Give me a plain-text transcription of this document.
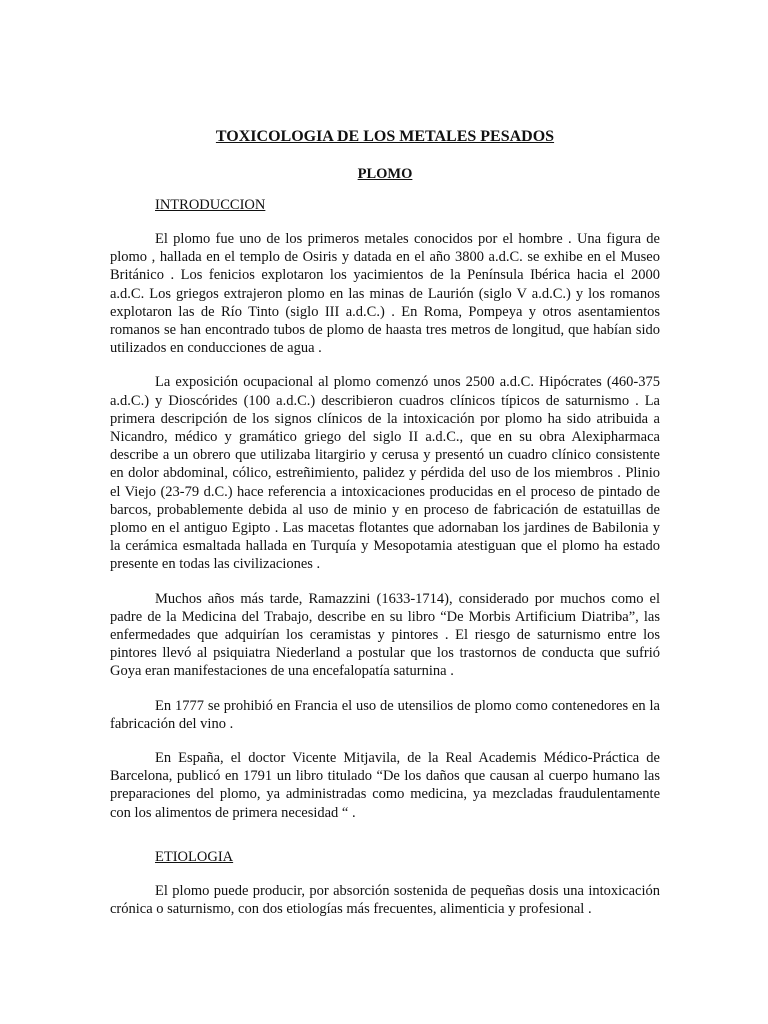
TOXICOLOGIA DE LOS METALES PESADOS
PLOMO
INTRODUCCION

El plomo fue uno de los primeros metales conocidos por el hombre . Una figura de plomo , hallada en el templo de Osiris y datada en el año 3800 a.d.C. se exhibe en el Museo Británico . Los fenicios explotaron los yacimientos de la Península Ibérica hacia el 2000 a.d.C. Los griegos extrajeron plomo en las minas de Laurión (siglo V a.d.C.) y los romanos explotaron las de Río Tinto (siglo III a.d.C.) . En Roma, Pompeya y otros asentamientos romanos se han encontrado tubos de plomo de haasta tres metros de longitud, que habían sido utilizados en conducciones de agua .

La exposición ocupacional al plomo comenzó unos 2500 a.d.C. Hipócrates (460-375 a.d.C.) y Dioscórides (100 a.d.C.) describieron cuadros clínicos típicos de saturnismo . La primera descripción de los signos clínicos de la intoxicación por plomo ha sido atribuida a Nicandro, médico y gramático griego del siglo II a.d.C., que en su obra Alexipharmaca describe a un obrero que utilizaba litargirio y cerusa y presentó un cuadro clínico consistente en dolor abdominal, cólico, estreñimiento, palidez y pérdida del uso de los miembros . Plinio el Viejo (23-79 d.C.) hace referencia a intoxicaciones producidas en el proceso de pintado de barcos, probablemente debida al uso de minio y en proceso de fabricación de estatuillas de plomo en el antiguo Egipto . Las macetas flotantes que adornaban los jardines de Babilonia y la cerámica esmaltada hallada en Turquía y Mesopotamia atestiguan que el plomo ha estado presente en todas las civilizaciones .

Muchos años más tarde, Ramazzini (1633-1714), considerado por muchos como el padre de la Medicina del Trabajo, describe en su libro “De Morbis Artificium Diatriba”, las enfermedades que adquirían los ceramistas y pintores . El riesgo de saturnismo entre los pintores llevó al psiquiatra Niederland a postular que los trastornos de conducta que sufrió Goya eran manifestaciones de una encefalopatía saturnina .

En 1777 se prohibió en Francia el uso de utensilios de plomo como contenedores en la fabricación del vino .

En España, el doctor Vicente Mitjavila, de la Real Academis Médico-Práctica de Barcelona, publicó en 1791 un libro titulado “De los daños que causan al cuerpo humano las preparaciones del plomo, ya administradas como medicina, ya mezcladas fraudulentamente con los alimentos de primera necesidad “ .

ETIOLOGIA

El plomo puede producir, por absorción sostenida de pequeñas dosis una intoxicación crónica o saturnismo, con dos etiologías más frecuentes, alimenticia y profesional .
